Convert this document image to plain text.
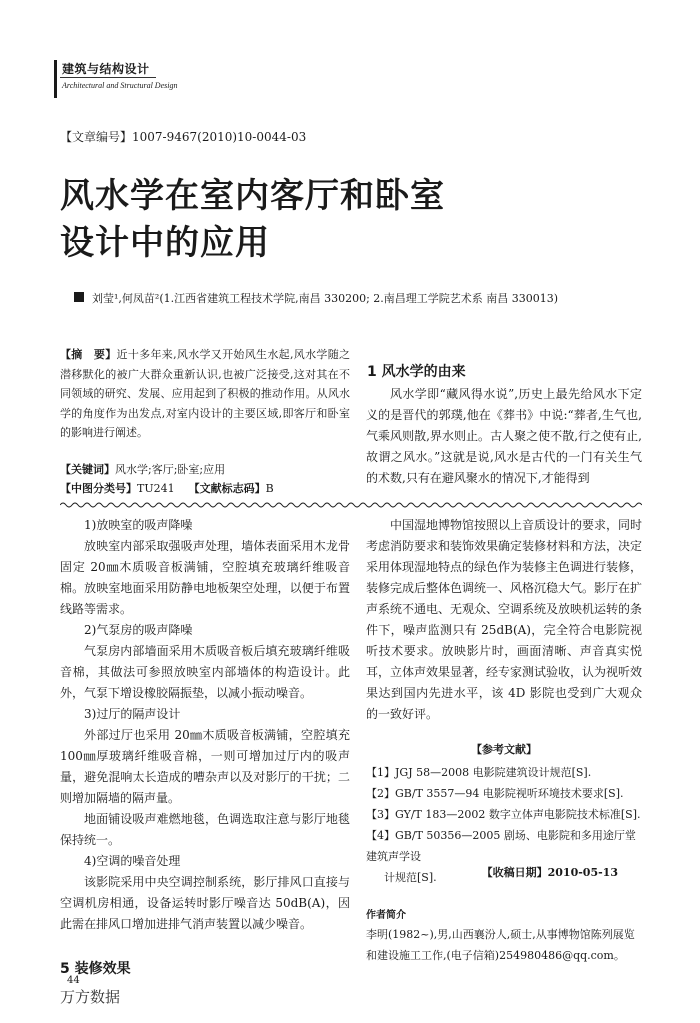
建筑与结构设计
Architectural and Structural Design
【文章编号】1007-9467(2010)10-0044-03
风水学在室内客厅和卧室
设计中的应用
刘莹¹,何凤苗²(1.江西省建筑工程技术学院,南昌 330200; 2.南昌理工学院艺术系 南昌 330013)
【摘　要】近十多年来,风水学又开始风生水起,风水学随之潜移默化的被广大群众重新认识,也被广泛接受,这对其在不同领域的研究、发展、应用起到了积极的推动作用。从风水学的角度作为出发点,对室内设计的主要区域,即客厅和卧室的影响进行阐述。
【关键词】风水学;客厅;卧室;应用
【中图分类号】TU241 【文献标志码】B
1 风水学的由来

风水学即“藏风得水说”,历史上最先给风水下定义的是晋代的郭璞,他在《葬书》中说:“葬者,生气也,气乘风则散,界水则止。古人聚之使不散,行之使有止,故谓之风水。”这就是说,风水是古代的一门有关生气的术数,只有在避风聚水的情况下,才能得到

1)放映室的吸声降噪

放映室内部采取强吸声处理，墙体表面采用木龙骨固定 20㎜木质吸音板满铺，空腔填充玻璃纤维吸音棉。放映室地面采用防静电地板架空处理，以便于布置线路等需求。

2)气泵房的吸声降噪

气泵房内部墙面采用木质吸音板后填充玻璃纤维吸音棉，其做法可参照放映室内部墙体的构造设计。此外，气泵下增设橡胶隔振垫，以减小振动噪音。

3)过厅的隔声设计

外部过厅也采用 20㎜木质吸音板满铺，空腔填充 100㎜厚玻璃纤维吸音棉，一则可增加过厅内的吸声量，避免混响太长造成的嘈杂声以及对影厅的干扰；二则增加隔墙的隔声量。

地面铺设吸声难燃地毯，色调选取注意与影厅地毯保持统一。

4)空调的噪音处理

该影院采用中央空调控制系统，影厅排风口直接与空调机房相通，设备运转时影厅噪音达 50dB(A)，因此需在排风口增加进排气消声装置以减少噪音。

中国湿地博物馆按照以上音质设计的要求，同时考虑消防要求和装饰效果确定装修材料和方法，决定采用体现湿地特点的绿色作为装修主色调进行装修，装修完成后整体色调统一、风格沉稳大气。影厅在扩声系统不通电、无观众、空调系统及放映机运转的条件下，噪声监测只有 25dB(A)，完全符合电影院视听技术要求。放映影片时，画面清晰、声音真实悦耳，立体声效果显著，经专家测试验收，认为视听效果达到国内先进水平，该 4D 影院也受到广大观众的一致好评。

【参考文献】
【1】JGJ 58—2008 电影院建筑设计规范[S].
【2】GB/T 3557—94 电影院视听环境技术要求[S].
【3】GY/T 183—2002 数字立体声电影院技术标准[S].
【4】GB/T 50356—2005 剧场、电影院和多用途厅堂建筑声学设
计规范[S].	【收稿日期】2010-05-13
作者简介
李明(1982~),男,山西襄汾人,硕士,从事博物馆陈列展览和建设施工工作,(电子信箱)254980486@qq.com。
5 装修效果
44
万方数据
